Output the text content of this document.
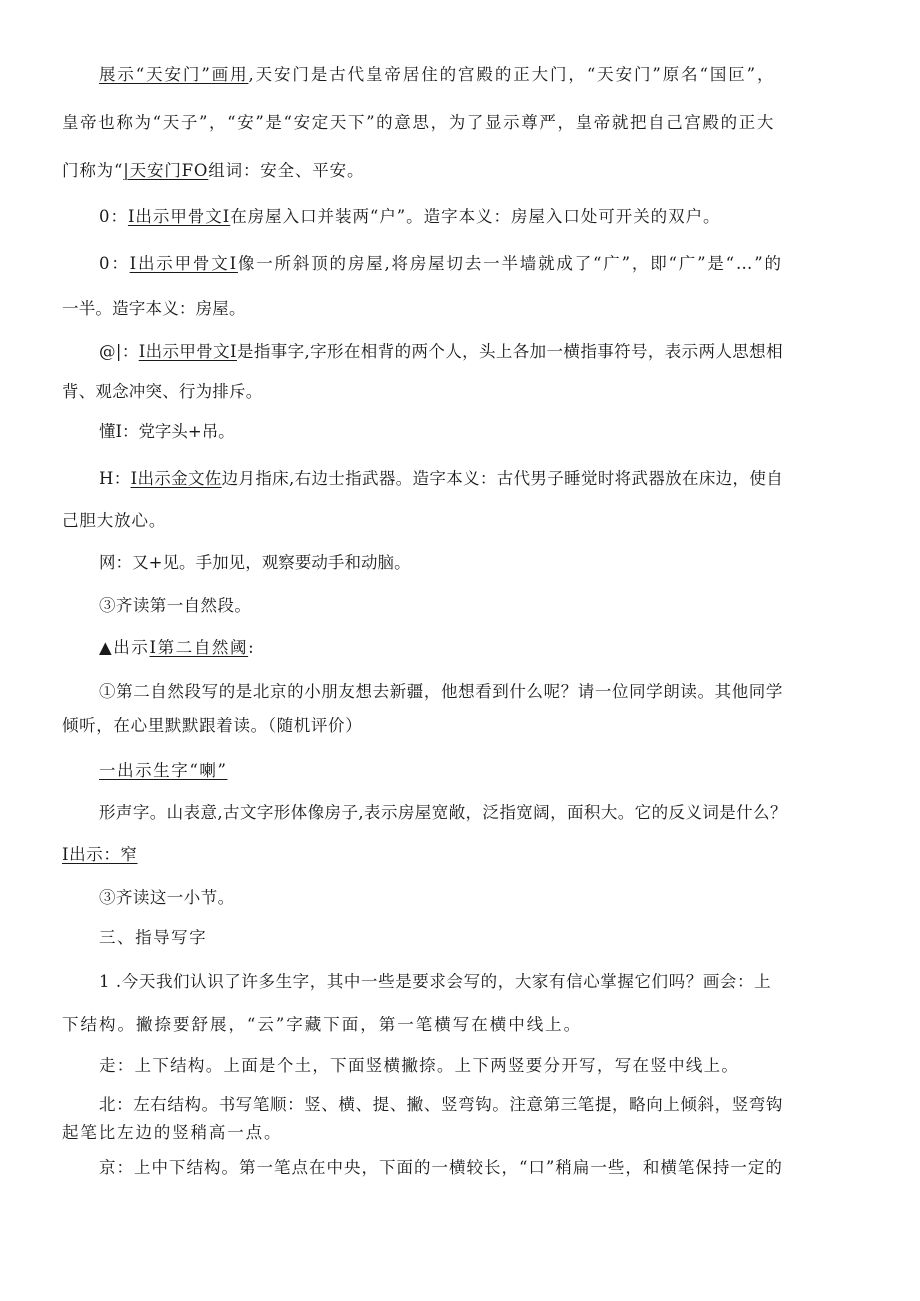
展示“天安门”画用,天安门是古代皇帝居住的宫殿的正大门，“天安门”原名“国叵”，
皇帝也称为“天子”，“安”是“安定天下”的意思，为了显示尊严，皇帝就把自己宫殿的正大
门称为“|天安门FO组词：安全、平安。
0：I出示甲骨文I在房屋入口并装两“户”。造字本义：房屋入口处可开关的双户。
0：I出示甲骨文I像一所斜顶的房屋,将房屋切去一半墙就成了“广”，即“广”是“…”的
一半。造字本义：房屋。
@|：I出示甲骨文I是指事字,字形在相背的两个人，头上各加一横指事符号，表示两人思想相
背、观念冲突、行为排斥。
懂I：党字头+吊。
H：I出示金文佐边月指床,右边士指武器。造字本义：古代男子睡觉时将武器放在床边，使自
己胆大放心。
网：又+见。手加见，观察要动手和动脑。
③齐读第一自然段。
▲出示I第二自然阈:
①第二自然段写的是北京的小朋友想去新疆，他想看到什么呢？请一位同学朗读。其他同学
倾听，在心里默默跟着读。（随机评价）
一出示生字“喇”
形声字。山表意,古文字形体像房子,表示房屋宽敞，泛指宽阔，面积大。它的反义词是什么？
I出示：窄
③齐读这一小节。
三、指导写字
1 .今天我们认识了许多生字，其中一些是要求会写的，大家有信心掌握它们吗？画会：上
下结构。撇捺要舒展，“云”字藏下面，第一笔横写在横中线上。
走：上下结构。上面是个土，下面竖横撇捺。上下两竖要分开写，写在竖中线上。
北：左右结构。书写笔顺：竖、横、提、撇、竖弯钩。注意第三笔提，略向上倾斜，竖弯钩
起笔比左边的竖稍高一点。
京：上中下结构。第一笔点在中央，下面的一横较长，“口”稍扁一些，和横笔保持一定的
